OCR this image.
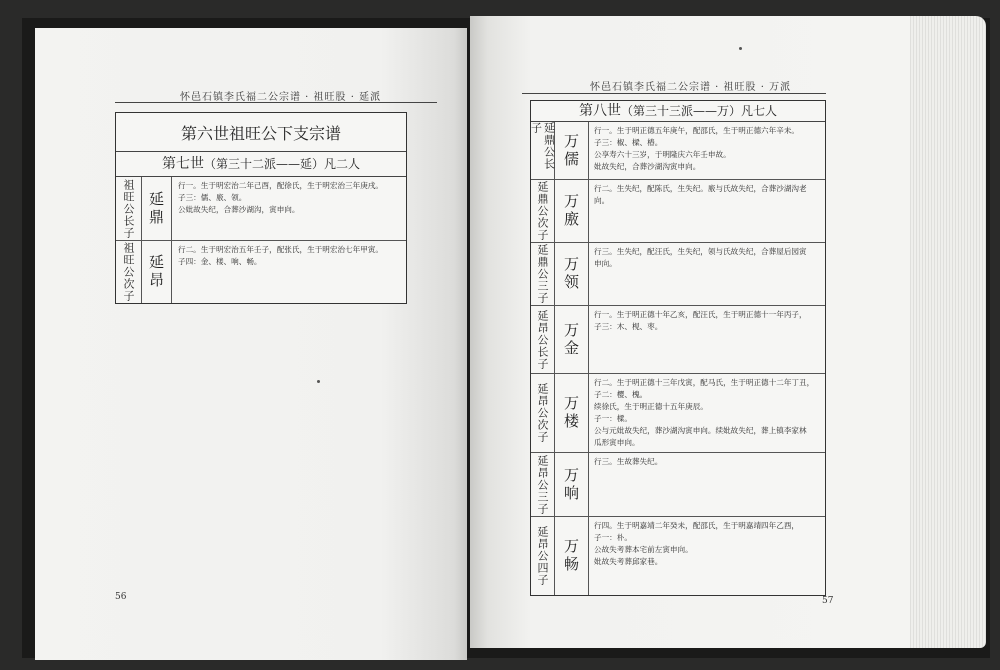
怀邑石镇李氏福二公宗谱 · 祖旺股 · 延派
第六世祖旺公下支宗谱
第七世（第三十二派——延）凡二人
祖旺公长子 延鼎
行一。生于明宏治二年己酉，配徐氏，生于明宏治三年庚戌。
子三：儒、廒、领。
公妣故失纪，合葬沙湖沟，寅申向。
祖旺公次子 延昂
行二。生于明宏治五年壬子，配张氏，生于明宏治七年甲寅。
子四：金、楼、响、畅。
56
怀邑石镇李氏福二公宗谱 · 祖旺股 · 万派
第八世（第三十三派——万）凡七人
延鼎公长子
万儒
行一。生于明正德五年庚午，配邵氏，生于明正德六年辛未。
子三：椒、樑、椿。
公享寿六十三岁，于明隆庆六年壬申故。
妣故失纪，合葬沙湖沟寅申向。
延鼎公次子 万廒
行二。生失纪，配陈氏，生失纪。廒与氏故失纪，合葬沙湖沟老
向。
延鼎公三子 万领
行三。生失纪，配汪氏，生失纪，领与氏故失纪，合葬屋后园寅
申向。
延昂公长子 万金
行一。生于明正德十年乙亥，配汪氏，生于明正德十一年丙子，
子三：木、枧、枣。
延昂公次子 万楼
行二。生于明正德十三年戊寅，配马氏，生于明正德十二年丁丑，
子二：樱、槐。
续徐氏，生于明正德十五年庚辰。
子一：樑。
公与元妣故失纪，葬沙湖沟寅申向。续妣故失纪，葬上镇李家林
瓜形寅申向。
延昂公三子 万响
行三。生故葬失纪。
延昂公四子 万畅
行四。生于明嘉靖二年癸未，配邵氏，生于明嘉靖四年乙酉，
子一：朴。
公故失考葬本宅前左寅申向。
妣故失考葬邱家巷。
57
